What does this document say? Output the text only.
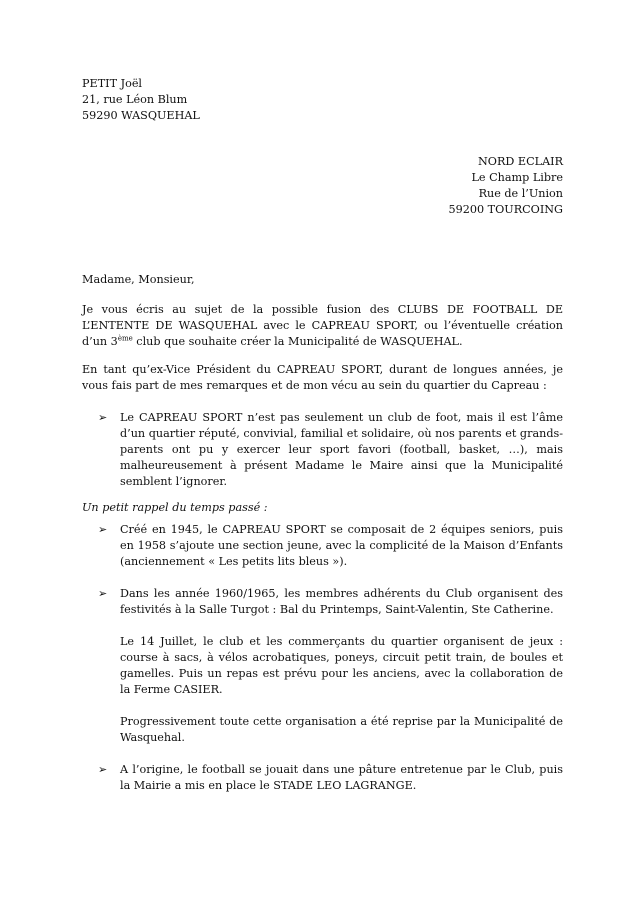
PETIT Joël
21, rue Léon Blum
59290 WASQUEHAL
NORD ECLAIR
Le Champ Libre
Rue de l’Union
59200 TOURCOING
Madame, Monsieur,
Je vous écris au sujet de la possible fusion des CLUBS DE FOOTBALL DE L’ENTENTE DE WASQUEHAL avec le CAPREAU SPORT, ou l’éventuelle création d’un 3ème club que souhaite créer la Municipalité de WASQUEHAL.
En tant qu’ex-Vice Président du CAPREAU SPORT, durant de longues années, je vous fais part de mes remarques et de mon vécu au sein du quartier du Capreau :
➢ Le CAPREAU SPORT n’est pas seulement un club de foot, mais il est l’âme d’un quartier réputé, convivial, familial et solidaire, où nos parents et grands-parents ont pu y exercer leur sport favori (football, basket, …), mais malheureusement à présent Madame le Maire ainsi que la Municipalité semblent l’ignorer.
Un petit rappel du temps passé :
➢ Créé en 1945, le CAPREAU SPORT se composait de 2 équipes seniors, puis en 1958 s’ajoute une section jeune, avec la complicité de la Maison d’Enfants (anciennement « Les petits lits bleus »).
➢ Dans les année 1960/1965, les membres adhérents du Club organisent des festivités à la Salle Turgot : Bal du Printemps, Saint-Valentin, Ste Catherine.
Le 14 Juillet, le club et les commerçants du quartier organisent de jeux : course à sacs, à vélos acrobatiques, poneys, circuit petit train, de boules et gamelles. Puis un repas est prévu pour les anciens, avec la collaboration de la Ferme CASIER.
Progressivement toute cette organisation a été reprise par la Municipalité de Wasquehal.
➢ A l’origine, le football se jouait dans une pâture entretenue par le Club, puis la Mairie a mis en place le STADE LEO LAGRANGE.
